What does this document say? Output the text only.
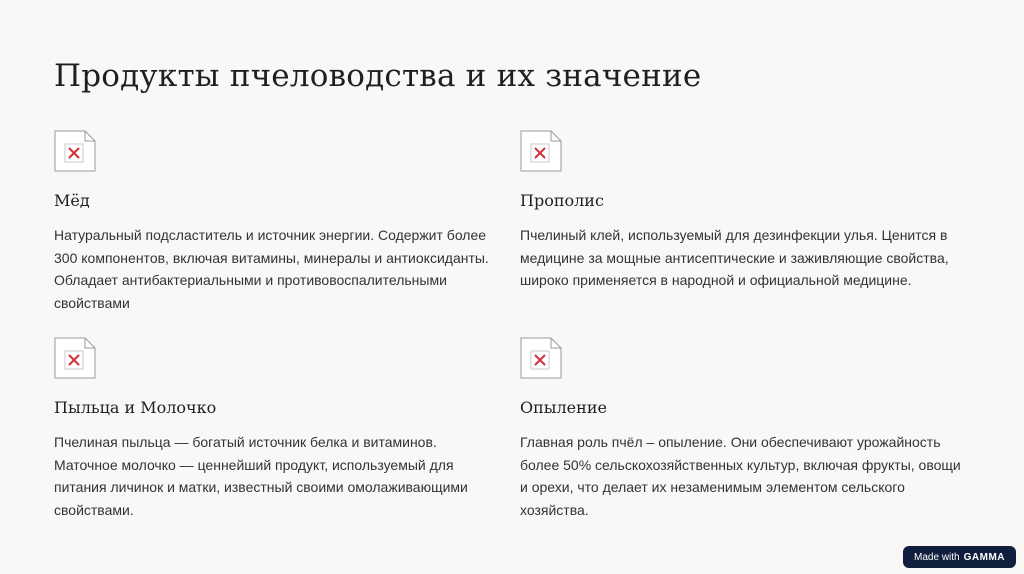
Продукты пчеловодства и их значение
Мёд

Натуральный подсластитель и источник энергии. Содержит более 300 компонентов, включая витамины, минералы и антиоксиданты. Обладает антибактериальными и противовоспалительными свойствами

Прополис

Пчелиный клей, используемый для дезинфекции улья. Ценится в медицине за мощные антисептические и заживляющие свойства, широко применяется в народной и официальной медицине.

Пыльца и Молочко

Пчелиная пыльца — богатый источник белка и витаминов. Маточное молочко — ценнейший продукт, используемый для питания личинок и матки, известный своими омолаживающими свойствами.

Опыление

Главная роль пчёл – опыление. Они обеспечивают урожайность более 50% сельскохозяйственных культур, включая фрукты, овощи и орехи, что делает их незаменимым элементом сельского хозяйства.

Made with GAMMA
